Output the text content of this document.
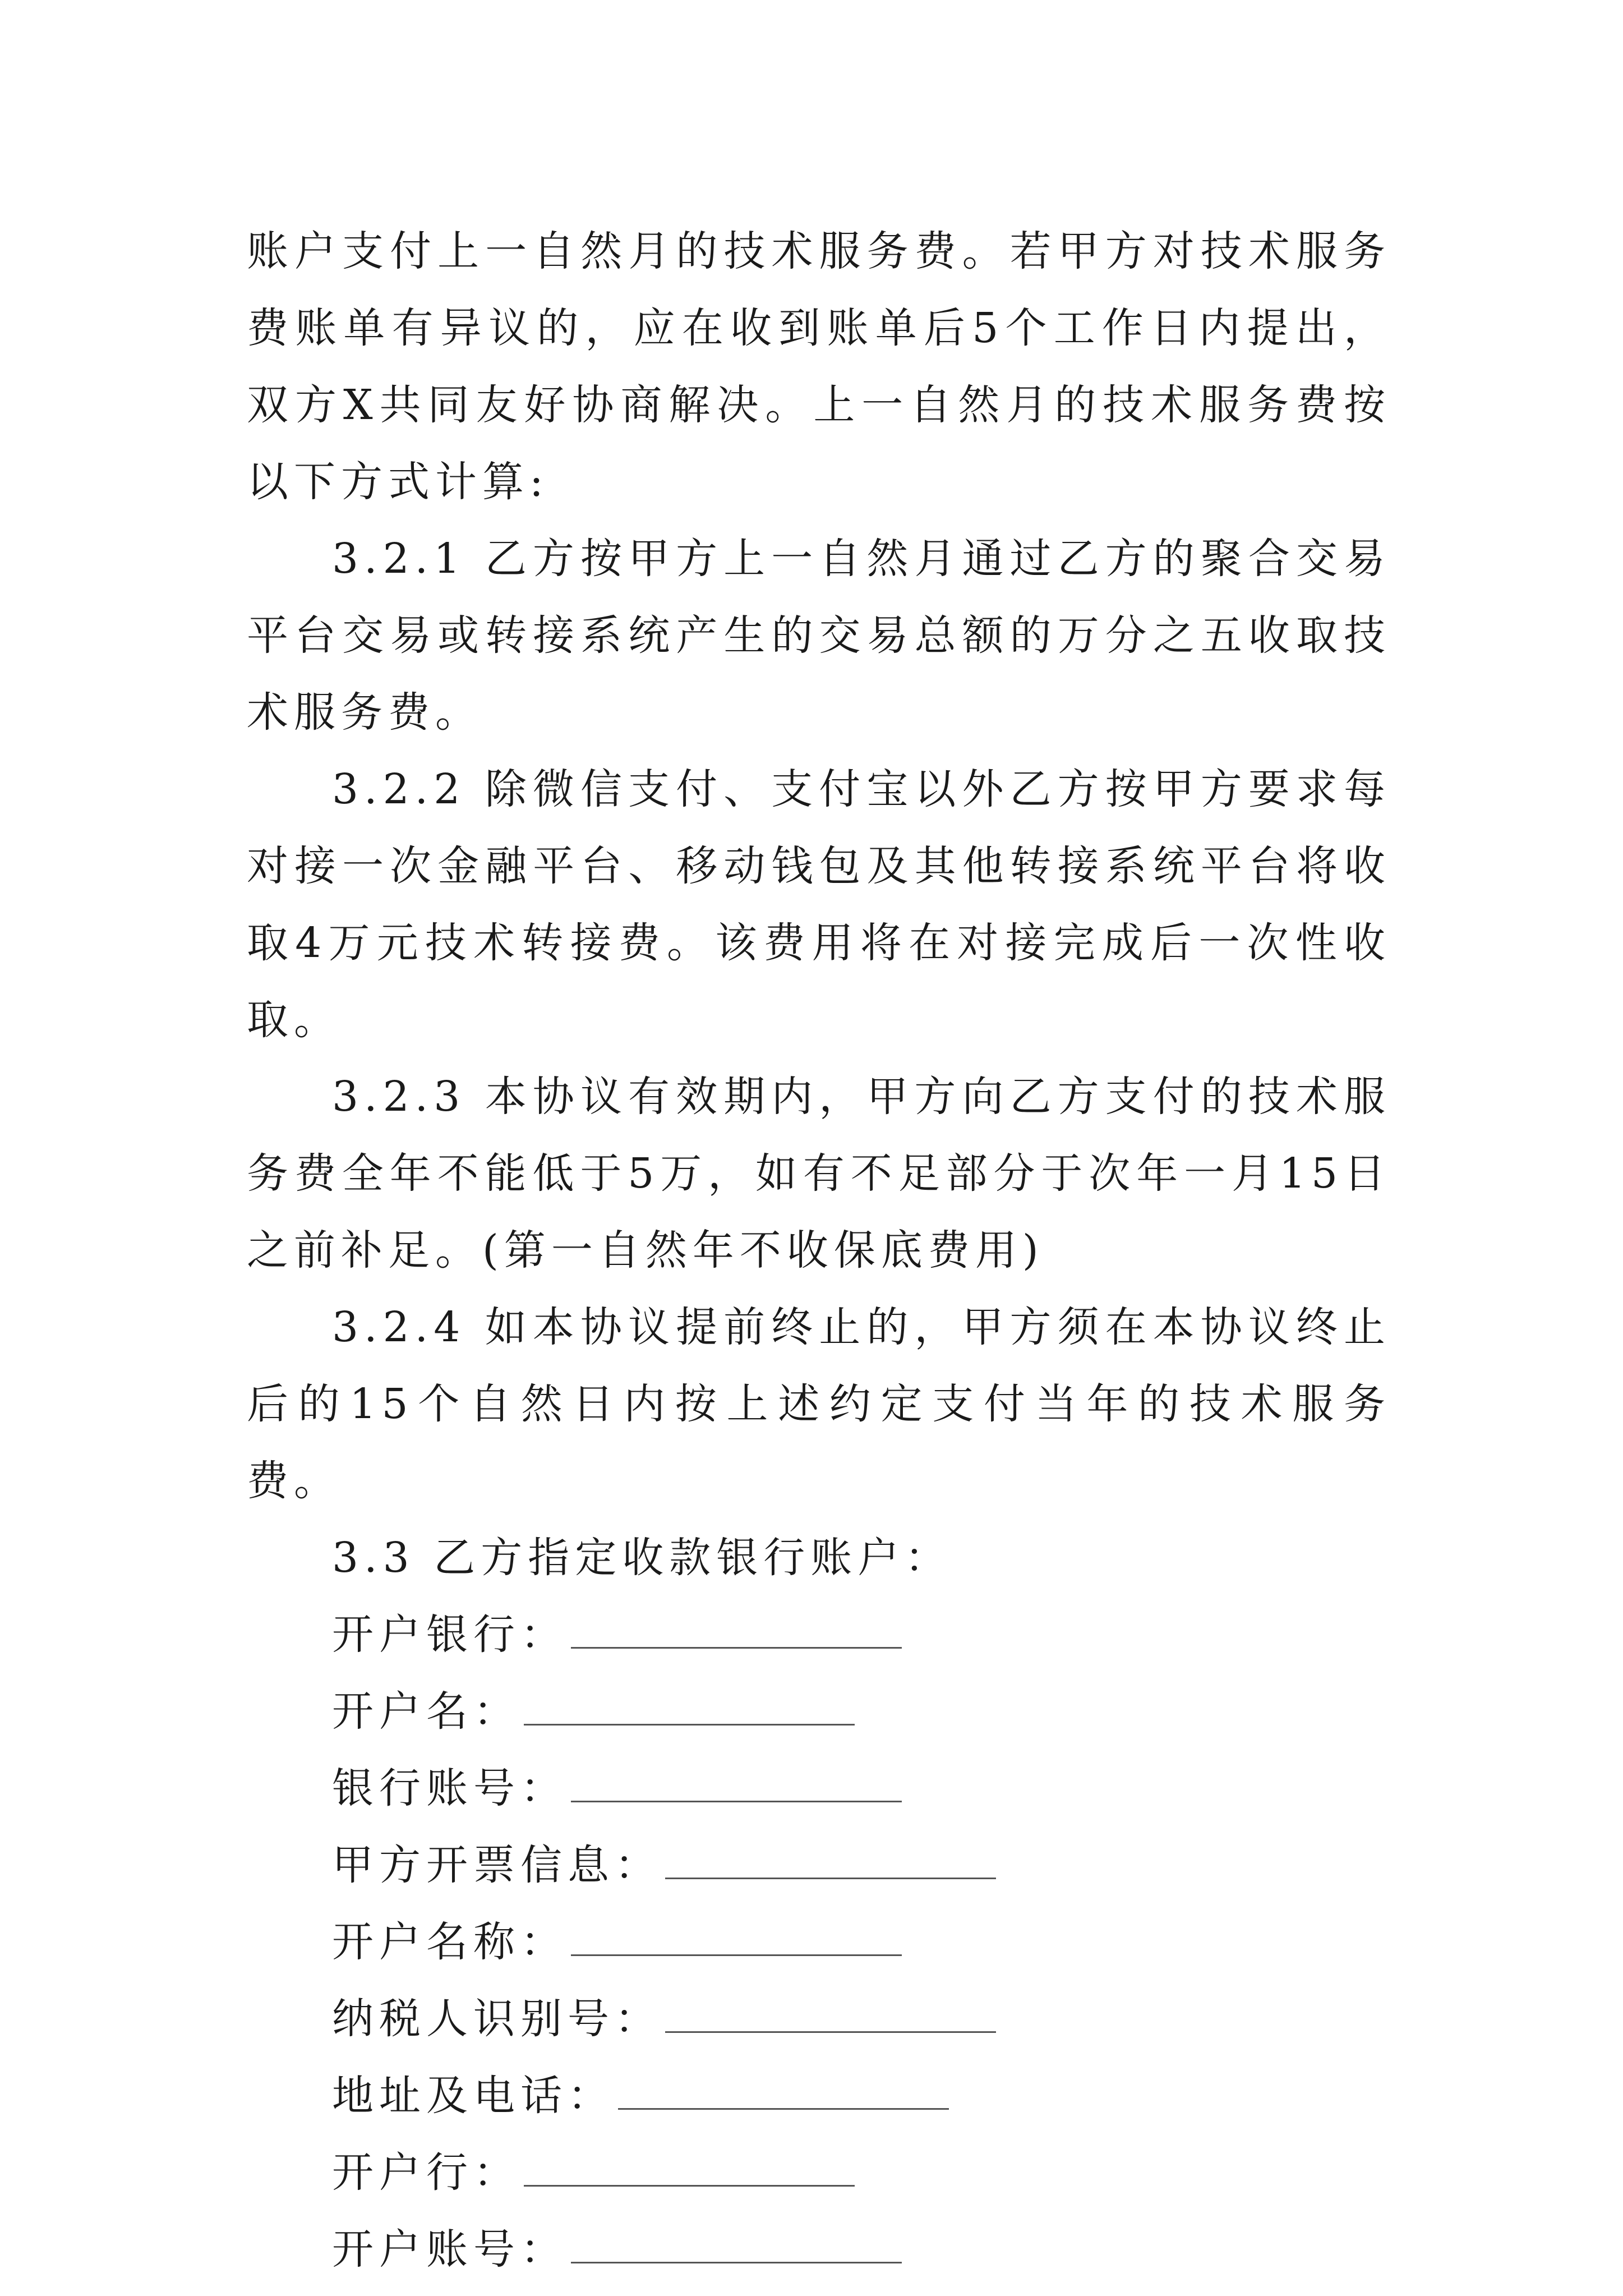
账户支付上一自然月的技术服务费。若甲方对技术服务费账单有异议的，应在收到账单后5个工作日内提出，双方X共同友好协商解决。上一自然月的技术服务费按以下方式计算:

3.2.1 乙方按甲方上一自然月通过乙方的聚合交易平台交易或转接系统产生的交易总额的万分之五收取技术服务费。

3.2.2 除微信支付、支付宝以外乙方按甲方要求每对接一次金融平台、移动钱包及其他转接系统平台将收取4万元技术转接费。该费用将在对接完成后一次性收取。

3.2.3 本协议有效期内，甲方向乙方支付的技术服务费全年不能低于5万，如有不足部分于次年一月15日之前补足。(第一自然年不收保底费用)

3.2.4 如本协议提前终止的，甲方须在本协议终止后的15个自然日内按上述约定支付当年的技术服务费。

3.3 乙方指定收款银行账户：

开户银行：
开户名：
银行账号：
甲方开票信息：
开户名称：
纳税人识别号：
地址及电话：
开户行：
开户账号：
